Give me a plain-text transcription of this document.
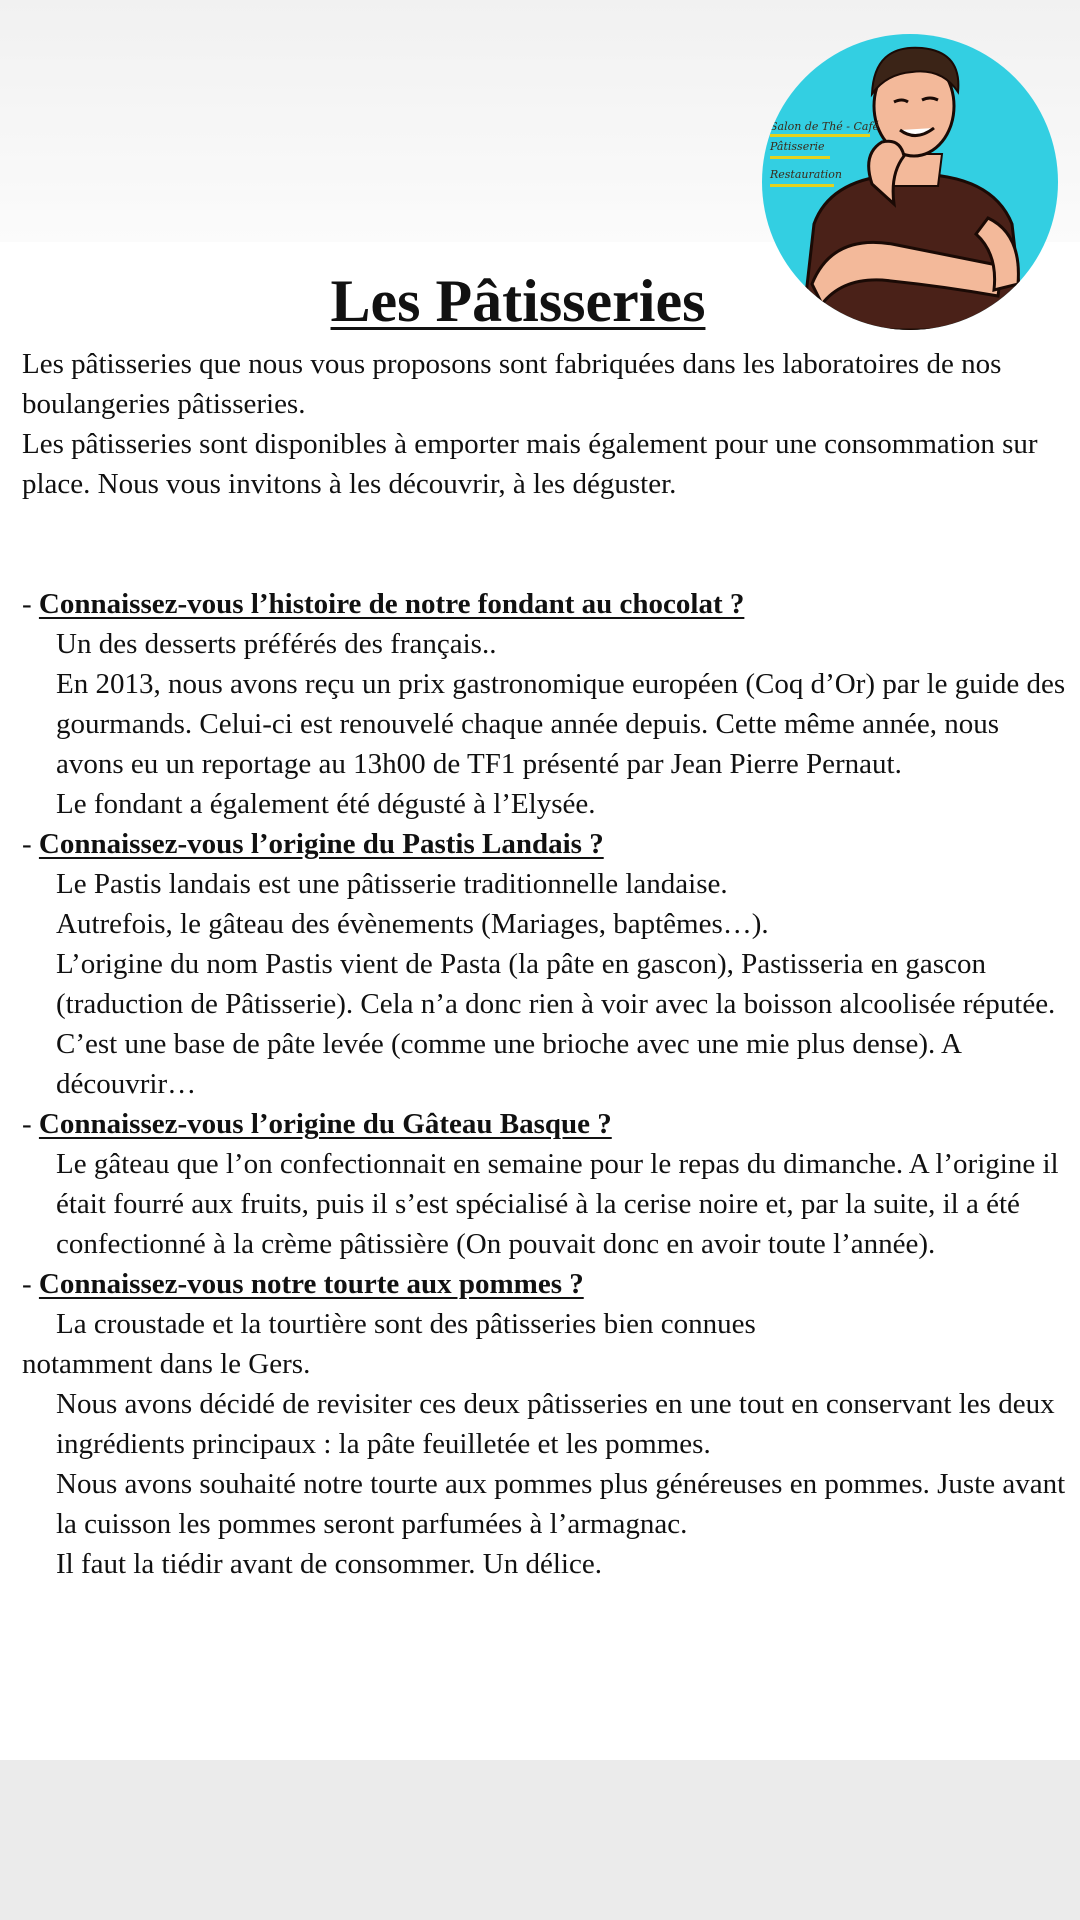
Salon de Thé - Café
Pâtisserie
Restauration
Les Pâtisseries

Les pâtisseries que nous vous proposons sont fabriquées dans les laboratoires de nos boulangeries pâtisseries.

Les pâtisseries sont disponibles à emporter mais également pour une consommation sur place. Nous vous invitons à les découvrir, à les déguster.

- Connaissez-vous l’histoire de notre fondant au chocolat ?

Un des desserts préférés des français..

En 2013, nous avons reçu un prix gastronomique européen (Coq d’Or) par le guide des gourmands. Celui-ci est renouvelé chaque année depuis. Cette même année, nous avons eu un reportage au 13h00 de TF1 présenté par Jean Pierre Pernaut.

Le fondant a également été dégusté à l’Elysée.

- Connaissez-vous l’origine du Pastis Landais ?

Le Pastis landais est une pâtisserie traditionnelle landaise.

Autrefois, le gâteau des évènements (Mariages, baptêmes…).

L’origine du nom Pastis vient de Pasta (la pâte en gascon), Pastisseria en gascon (traduction de Pâtisserie). Cela n’a donc rien à voir avec la boisson alcoolisée réputée. C’est une base de pâte levée (comme une brioche avec une mie plus dense). A découvrir…

- Connaissez-vous l’origine du Gâteau Basque ?

Le gâteau que l’on confectionnait en semaine pour le repas du dimanche. A l’origine il était fourré aux fruits, puis il s’est spécialisé à la cerise noire et, par la suite, il a été confectionné à la crème pâtissière (On pouvait donc en avoir toute l’année).

- Connaissez-vous notre tourte aux pommes ?

La croustade et la tourtière sont des pâtisseries bien connues

notamment dans le Gers.

Nous avons décidé de revisiter ces deux pâtisseries en une tout en conservant les deux ingrédients principaux : la pâte feuilletée et les pommes.

Nous avons souhaité notre tourte aux pommes plus généreuses en pommes. Juste avant la cuisson les pommes seront parfumées à l’armagnac.

Il faut la tiédir avant de consommer. Un délice.
